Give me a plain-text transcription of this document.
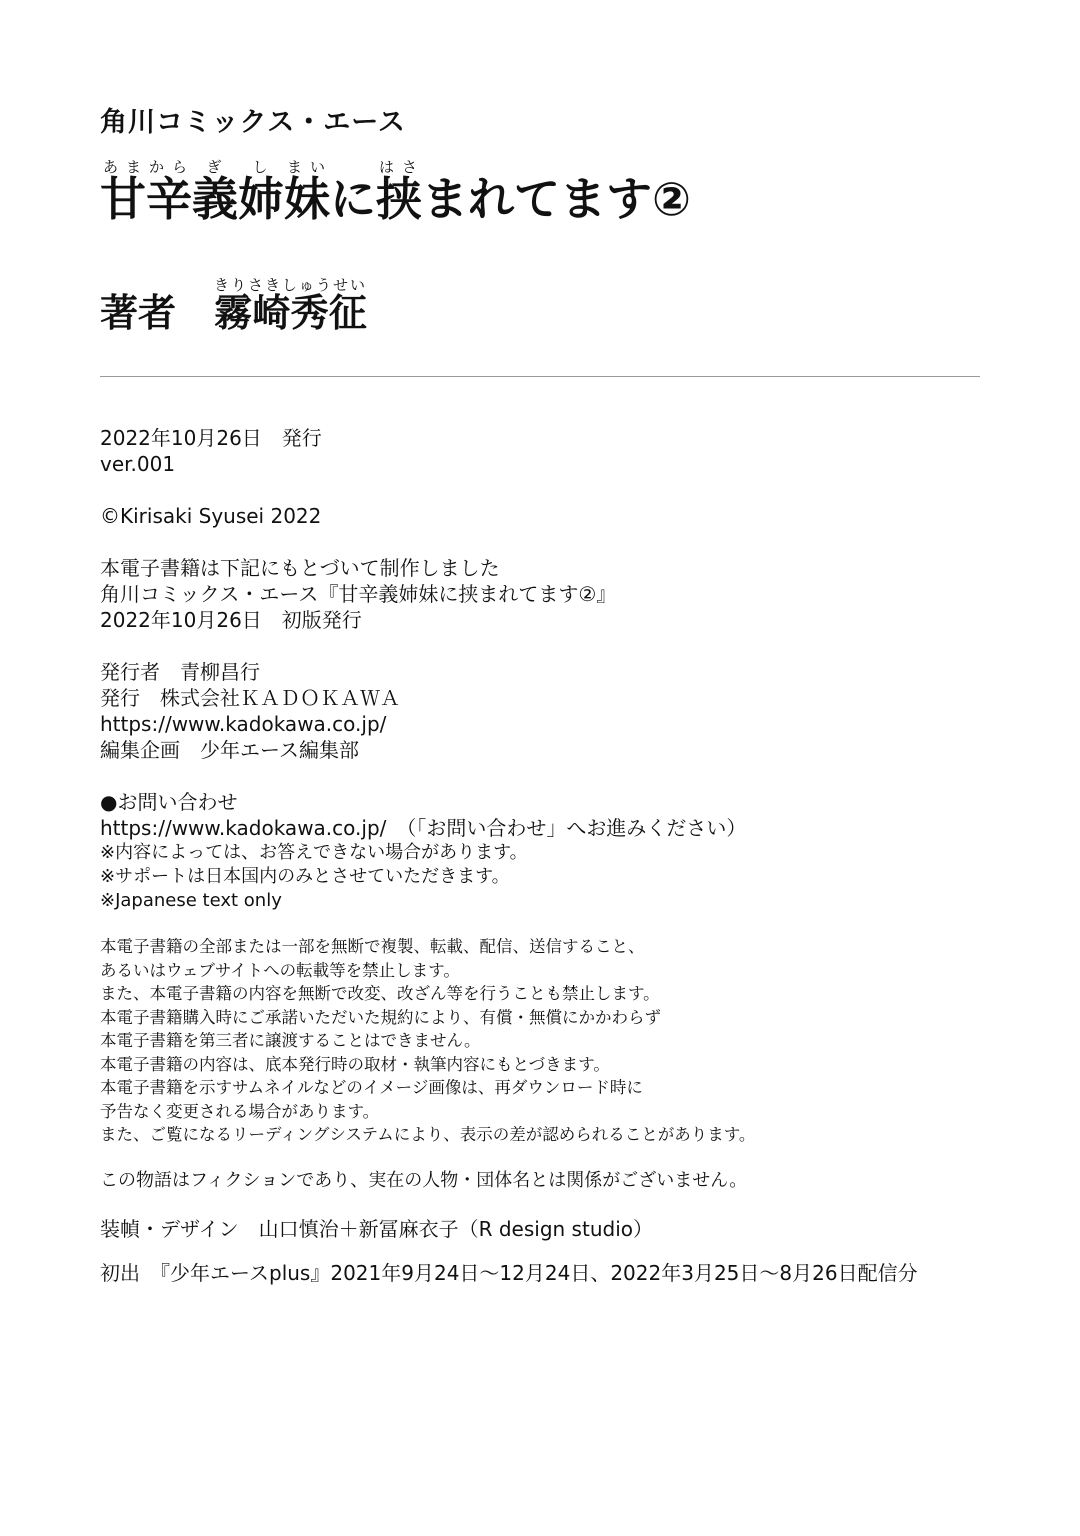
角川コミックス・エース
甘辛あまから義ぎ姉し妹まいに挟はさまれてます②
著者 霧崎秀征きりさきしゅうせい
2022年10月26日　発行
ver.001
©Kirisaki Syusei 2022
本電子書籍は下記にもとづいて制作しました
角川コミックス・エース『甘辛義姉妹に挟まれてます②』
2022年10月26日　初版発行
発行者　青柳昌行
発行　株式会社ＫＡＤＯＫＡＷＡ
https://www.kadokawa.co.jp/
編集企画　少年エース編集部
●お問い合わせ
https://www.kadokawa.co.jp/　（「お問い合わせ」へお進みください）
※内容によっては、お答えできない場合があります。
※サポートは日本国内のみとさせていただきます。
※Japanese text only
本電子書籍の全部または一部を無断で複製、転載、配信、送信すること、
あるいはウェブサイトへの転載等を禁止します。
また、本電子書籍の内容を無断で改変、改ざん等を行うことも禁止します。
本電子書籍購入時にご承諾いただいた規約により、有償・無償にかかわらず
本電子書籍を第三者に譲渡することはできません。
本電子書籍の内容は、底本発行時の取材・執筆内容にもとづきます。
本電子書籍を示すサムネイルなどのイメージ画像は、再ダウンロード時に
予告なく変更される場合があります。
また、ご覧になるリーディングシステムにより、表示の差が認められることがあります。
この物語はフィクションであり、実在の人物・団体名とは関係がございません。
装幀・デザイン　山口慎治＋新冨麻衣子（R design studio）
初出　『少年エースplus』2021年9月24日～12月24日、2022年3月25日～8月26日配信分
